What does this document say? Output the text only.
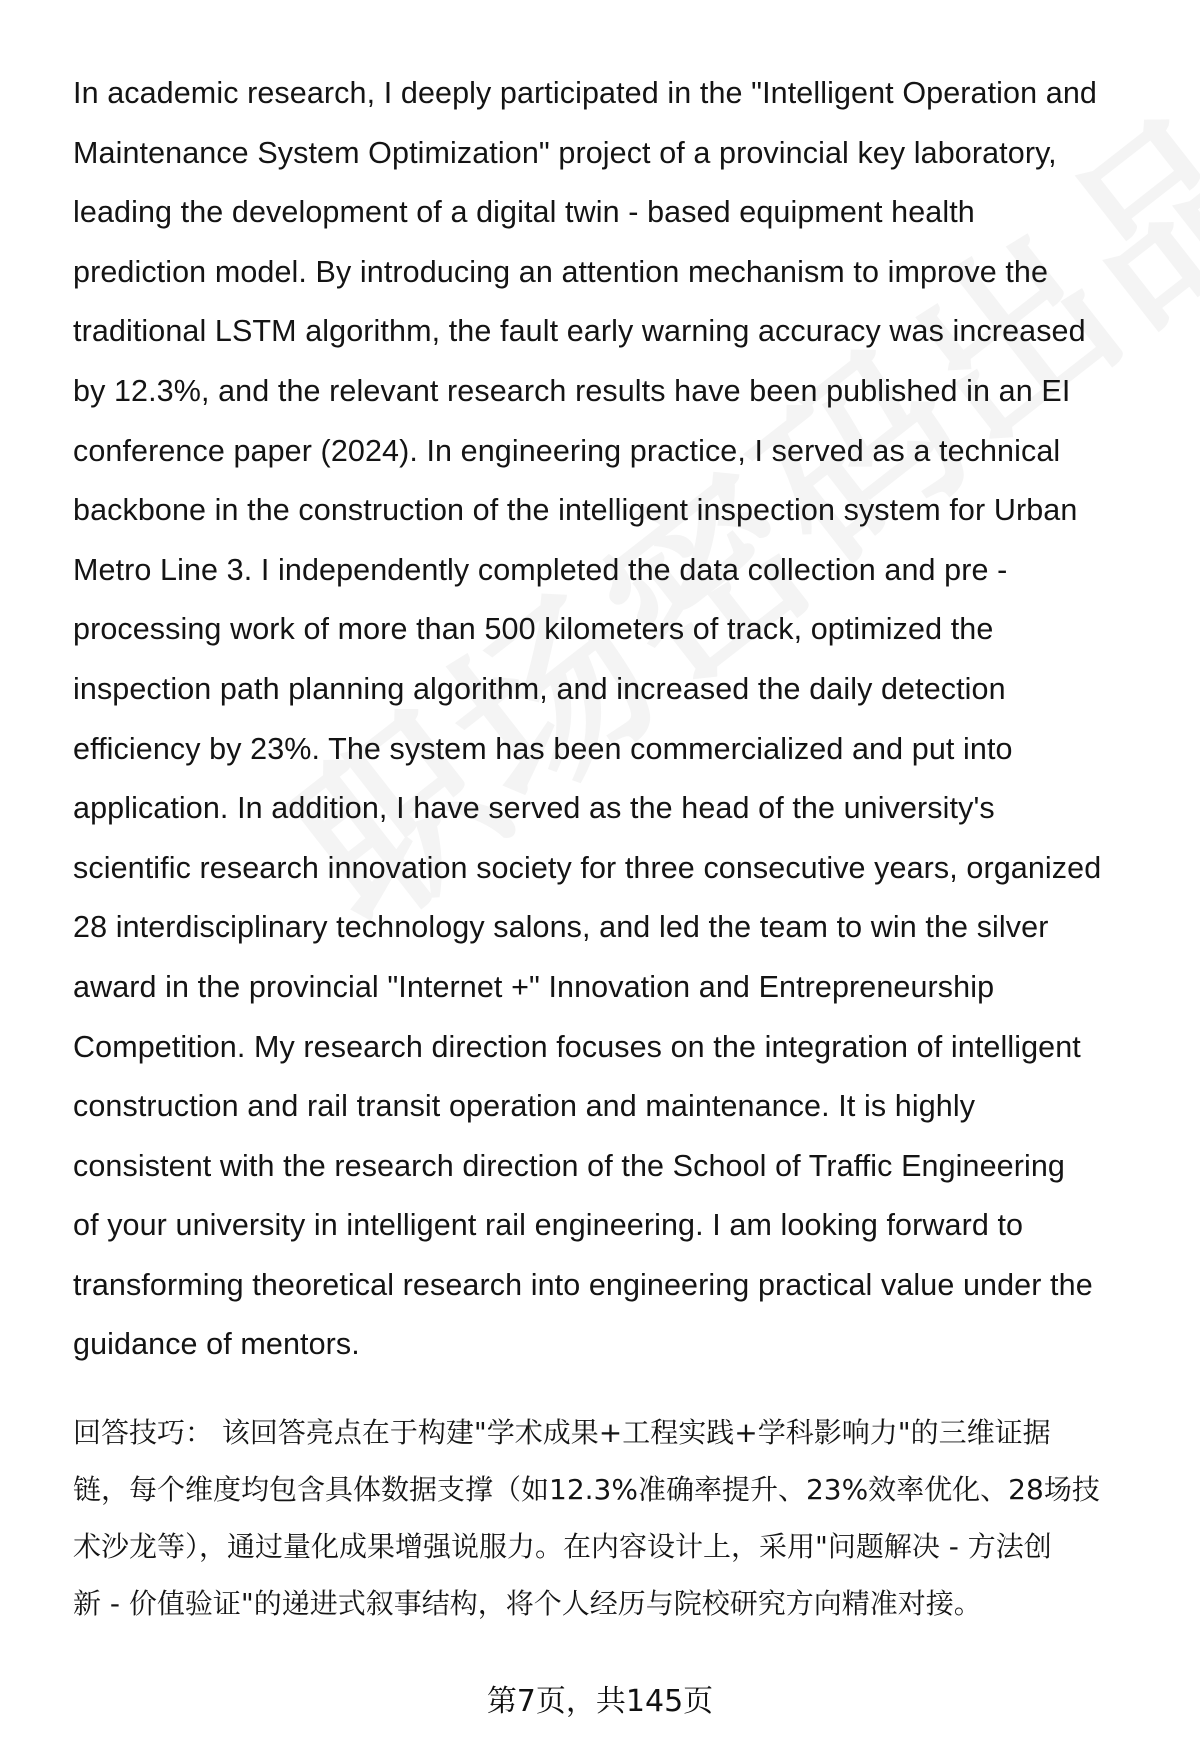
In academic research, I deeply participated in the "Intelligent Operation and
Maintenance System Optimization" project of a provincial key laboratory,
leading the development of a digital twin - based equipment health
prediction model. By introducing an attention mechanism to improve the
traditional LSTM algorithm, the fault early warning accuracy was increased
by 12.3%, and the relevant research results have been published in an EI
conference paper (2024). In engineering practice, I served as a technical
backbone in the construction of the intelligent inspection system for Urban
Metro Line 3. I independently completed the data collection and pre -
processing work of more than 500 kilometers of track, optimized the
inspection path planning algorithm, and increased the daily detection
efficiency by 23%. The system has been commercialized and put into
application. In addition, I have served as the head of the university's
scientific research innovation society for three consecutive years, organized
28 interdisciplinary technology salons, and led the team to win the silver
award in the provincial "Internet +" Innovation and Entrepreneurship
Competition. My research direction focuses on the integration of intelligent
construction and rail transit operation and maintenance. It is highly
consistent with the research direction of the School of Traffic Engineering
of your university in intelligent rail engineering. I am looking forward to
transforming theoretical research into engineering practical value under the
guidance of mentors.

回答技巧： 该回答亮点在于构建"学术成果+工程实践+学科影响力"的三维证据
链，每个维度均包含具体数据支撑（如12.3%准确率提升、23%效率优化、28场技
术沙龙等），通过量化成果增强说服力。在内容设计上，采用"问题解决 - 方法创
新 - 价值验证"的递进式叙事结构，将个人经历与院校研究方向精准对接。

第7页，共145页
